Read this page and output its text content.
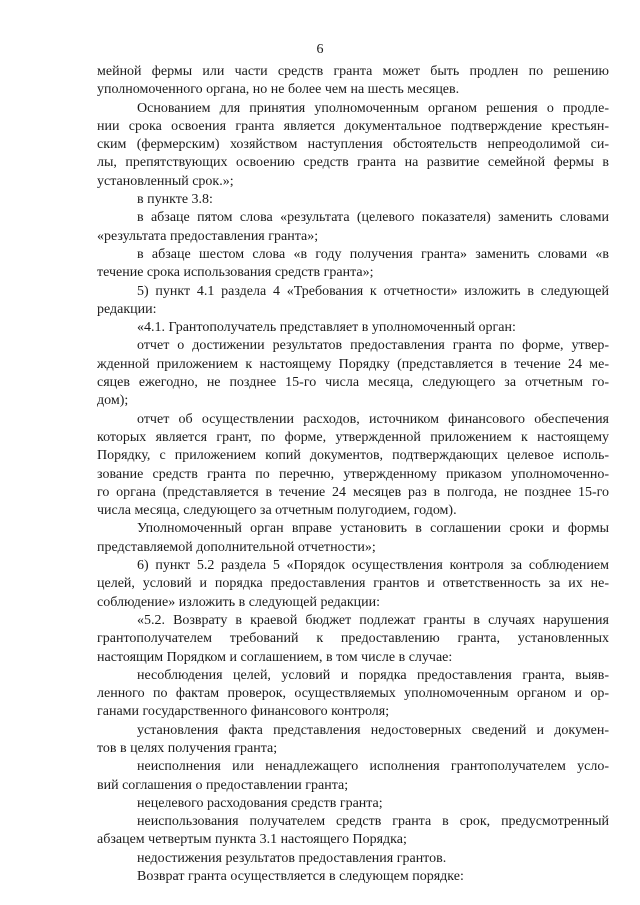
6
мейной фермы или части средств гранта может быть продлен по решению
уполномоченного органа, но не более чем на шесть месяцев.
Основанием для принятия уполномоченным органом решения о продле-
нии срока освоения гранта является документальное подтверждение крестьян-
ским (фермерским) хозяйством наступления обстоятельств непреодолимой си-
лы, препятствующих освоению средств гранта на развитие семейной фермы в
установленный срок.»;
в пункте 3.8:
в абзаце пятом слова «результата (целевого показателя) заменить словами
«результата предоставления гранта»;
в абзаце шестом слова «в году получения гранта» заменить словами «в
течение срока использования средств гранта»;
5) пункт 4.1 раздела 4 «Требования к отчетности» изложить в следующей
редакции:
«4.1. Грантополучатель представляет в уполномоченный орган:
отчет о достижении результатов предоставления гранта по форме, утвер-
жденной приложением к настоящему Порядку (представляется в течение 24 ме-
сяцев ежегодно, не позднее 15-го числа месяца, следующего за отчетным го-
дом);
отчет об осуществлении расходов, источником финансового обеспечения
которых является грант, по форме, утвержденной приложением к настоящему
Порядку, с приложением копий документов, подтверждающих целевое исполь-
зование средств гранта по перечню, утвержденному приказом уполномоченно-
го органа (представляется в течение 24 месяцев раз в полгода, не позднее 15-го
числа месяца, следующего за отчетным полугодием, годом).
Уполномоченный орган вправе установить в соглашении сроки и формы
представляемой дополнительной отчетности»;
6) пункт 5.2 раздела 5 «Порядок осуществления контроля за соблюдением
целей, условий и порядка предоставления грантов и ответственность за их не-
соблюдение» изложить в следующей редакции:
«5.2. Возврату в краевой бюджет подлежат гранты в случаях нарушения
грантополучателем требований к предоставлению гранта, установленных
настоящим Порядком и соглашением, в том числе в случае:
несоблюдения целей, условий и порядка предоставления гранта, выяв-
ленного по фактам проверок, осуществляемых уполномоченным органом и ор-
ганами государственного финансового контроля;
установления факта представления недостоверных сведений и докумен-
тов в целях получения гранта;
неисполнения или ненадлежащего исполнения грантополучателем усло-
вий соглашения о предоставлении гранта;
нецелевого расходования средств гранта;
неиспользования получателем средств гранта в срок, предусмотренный
абзацем четвертым пункта 3.1 настоящего Порядка;
недостижения результатов предоставления грантов.
Возврат гранта осуществляется в следующем порядке:
